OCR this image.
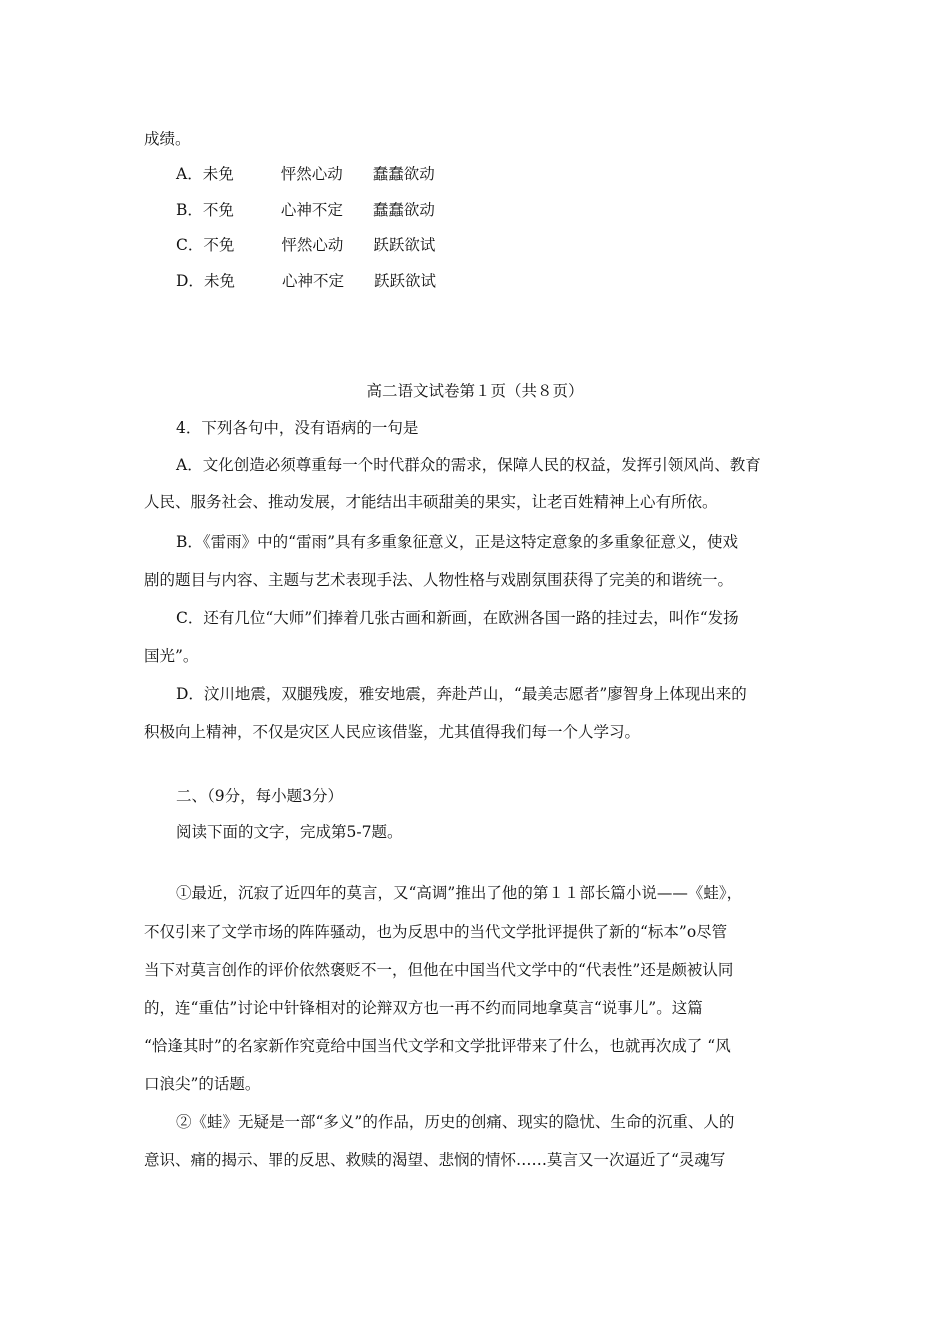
成绩。
A．未免	怦然心动 蠢蠢欲动
B．不免	心神不定 蠢蠢欲动
C．不免	怦然心动 跃跃欲试
D．未免	心神不定 跃跃欲试
高二语文试卷第１页（共８页）
4．下列各句中，没有语病的一句是
A．文化创造必须尊重每一个时代群众的需求，保障人民的权益，发挥引领风尚、教育
人民、服务社会、推动发展，才能结出丰硕甜美的果实，让老百姓精神上心有所依。
B．《雷雨》中的“雷雨”具有多重象征意义，正是这特定意象的多重象征意义，使戏
剧的题目与内容、主题与艺术表现手法、人物性格与戏剧氛围获得了完美的和谐统一。
C．还有几位“大师”们捧着几张古画和新画，在欧洲各国一路的挂过去，叫作“发扬
国光”。
D．汶川地震，双腿残废，雅安地震，奔赴芦山，“最美志愿者”廖智身上体现出来的
积极向上精神，不仅是灾区人民应该借鉴，尤其值得我们每一个人学习。
二、（9分，每小题3分）
阅读下面的文字，完成第5-7题。
①最近，沉寂了近四年的莫言，又“高调”推出了他的第１１部长篇小说——《蛙》，
不仅引来了文学市场的阵阵骚动，也为反思中的当代文学批评提供了新的“标本”o尽管
当下对莫言创作的评价依然褒贬不一，但他在中国当代文学中的“代表性”还是颇被认同
的，连“重估”讨论中针锋相对的论辩双方也一再不约而同地拿莫言“说事儿”。这篇
“恰逢其时”的名家新作究竟给中国当代文学和文学批评带来了什么，也就再次成了 “风
口浪尖”的话题。
②《蛙》无疑是一部“多义”的作品，历史的创痛、现实的隐忧、生命的沉重、人的
意识、痛的揭示、罪的反思、救赎的渴望、悲悯的情怀……莫言又一次逼近了“灵魂写
